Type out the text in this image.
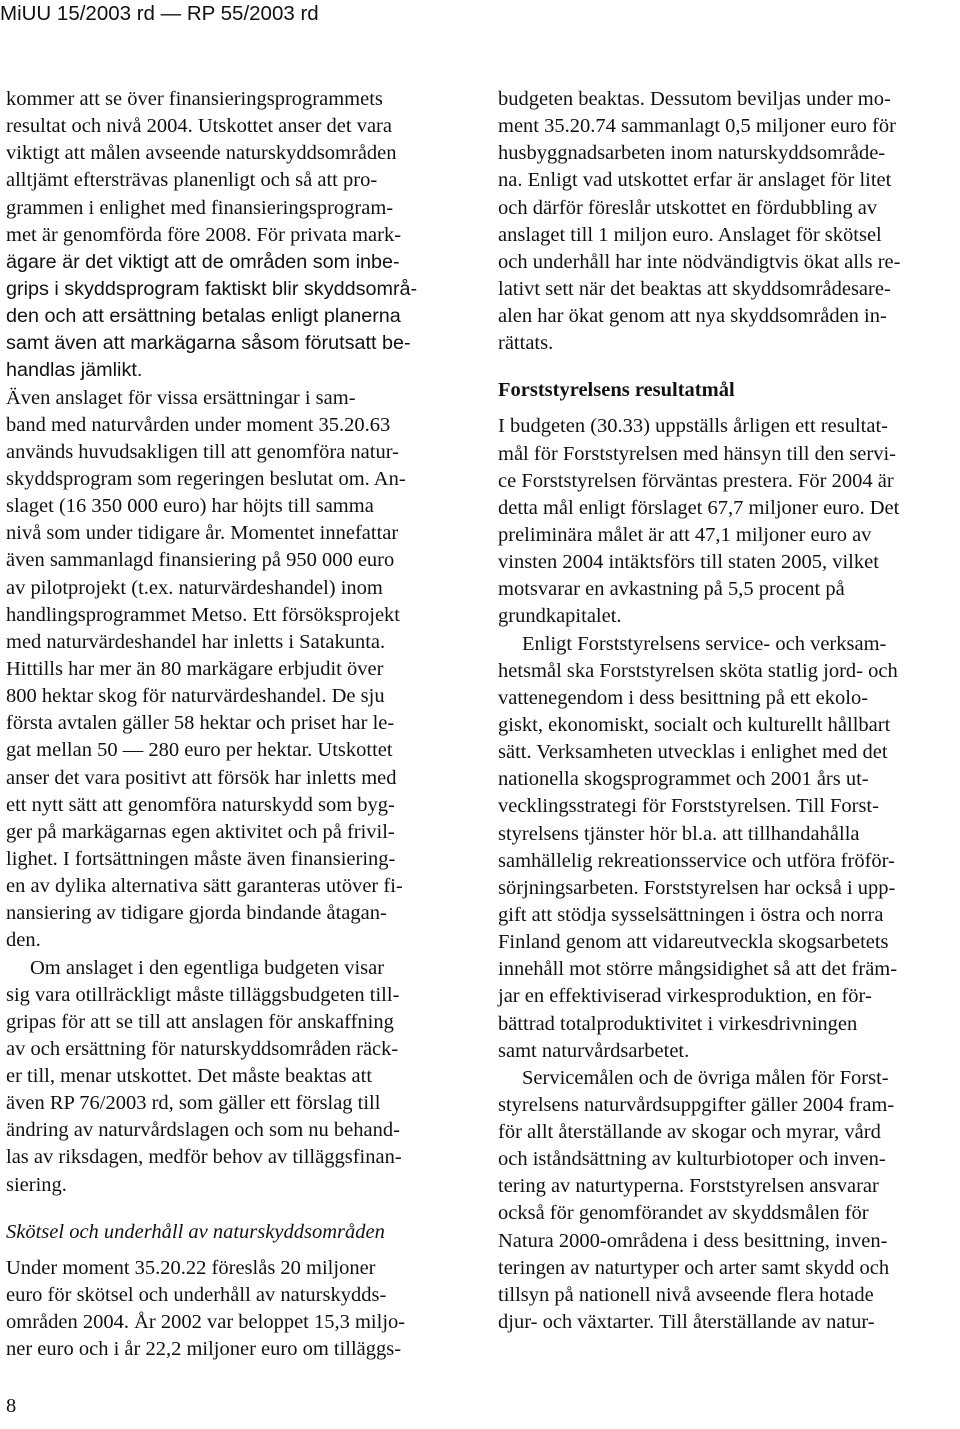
MiUU 15/2003 rd — RP 55/2003 rd
kommer att se över finansieringsprogrammets
resultat och nivå 2004. Utskottet anser det vara
viktigt att målen avseende naturskyddsområden
alltjämt eftersträvas planenligt och så att pro-
grammen i enlighet med finansieringsprogram-
met är genomförda före 2008. För privata mark-
ägare är det viktigt att de områden som inbe-
grips i skyddsprogram faktiskt blir skyddsområ-
den och att ersättning betalas enligt planerna
samt även att markägarna såsom förutsatt be-
handlas jämlikt.
Även anslaget för vissa ersättningar i sam-
band med naturvården under moment 35.20.63
används huvudsakligen till att genomföra natur-
skyddsprogram som regeringen beslutat om. An-
slaget (16 350 000 euro) har höjts till samma
nivå som under tidigare år. Momentet innefattar
även sammanlagd finansiering på 950 000 euro
av pilotprojekt (t.ex. naturvärdeshandel) inom
handlingsprogrammet Metso. Ett försöksprojekt
med naturvärdeshandel har inletts i Satakunta.
Hittills har mer än 80 markägare erbjudit över
800 hektar skog för naturvärdeshandel. De sju
första avtalen gäller 58 hektar och priset har le-
gat mellan 50 — 280 euro per hektar. Utskottet
anser det vara positivt att försök har inletts med
ett nytt sätt att genomföra naturskydd som byg-
ger på markägarnas egen aktivitet och på frivil-
lighet. I fortsättningen måste även finansiering-
en av dylika alternativa sätt garanteras utöver fi-
nansiering av tidigare gjorda bindande åtagan-
den.
Om anslaget i den egentliga budgeten visar
sig vara otillräckligt måste tilläggsbudgeten till-
gripas för att se till att anslagen för anskaffning
av och ersättning för naturskyddsområden räck-
er till, menar utskottet. Det måste beaktas att
även RP 76/2003 rd, som gäller ett förslag till
ändring av naturvårdslagen och som nu behand-
las av riksdagen, medför behov av tilläggsfinan-
siering.
Skötsel och underhåll av naturskyddsområden
Under moment 35.20.22 föreslås 20 miljoner
euro för skötsel och underhåll av naturskydds-
områden 2004. År 2002 var beloppet 15,3 miljo-
ner euro och i år 22,2 miljoner euro om tilläggs-
budgeten beaktas. Dessutom beviljas under mo-
ment 35.20.74 sammanlagt 0,5 miljoner euro för
husbyggnadsarbeten inom naturskyddsområde-
na. Enligt vad utskottet erfar är anslaget för litet
och därför föreslår utskottet en fördubbling av
anslaget till 1 miljon euro. Anslaget för skötsel
och underhåll har inte nödvändigtvis ökat alls re-
lativt sett när det beaktas att skyddsområdesare-
alen har ökat genom att nya skyddsområden in-
rättats.
Forststyrelsens resultatmål
I budgeten (30.33) uppställs årligen ett resultat-
mål för Forststyrelsen med hänsyn till den servi-
ce Forststyrelsen förväntas prestera. För 2004 är
detta mål enligt förslaget 67,7 miljoner euro. Det
preliminära målet är att 47,1 miljoner euro av
vinsten 2004 intäktsförs till staten 2005, vilket
motsvarar en avkastning på 5,5 procent på
grundkapitalet.
Enligt Forststyrelsens service- och verksam-
hetsmål ska Forststyrelsen sköta statlig jord- och
vattenegendom i dess besittning på ett ekolo-
giskt, ekonomiskt, socialt och kulturellt hållbart
sätt. Verksamheten utvecklas i enlighet med det
nationella skogsprogrammet och 2001 års ut-
vecklingsstrategi för Forststyrelsen. Till Forst-
styrelsens tjänster hör bl.a. att tillhandahålla
samhällelig rekreationsservice och utföra fröför-
sörjningsarbeten. Forststyrelsen har också i upp-
gift att stödja sysselsättningen i östra och norra
Finland genom att vidareutveckla skogsarbetets
innehåll mot större mångsidighet så att det främ-
jar en effektiviserad virkesproduktion, en för-
bättrad totalproduktivitet i virkesdrivningen
samt naturvårdsarbetet.
Servicemålen och de övriga målen för Forst-
styrelsens naturvårdsuppgifter gäller 2004 fram-
för allt återställande av skogar och myrar, vård
och iståndsättning av kulturbiotoper och inven-
tering av naturtyperna. Forststyrelsen ansvarar
också för genomförandet av skyddsmålen för
Natura 2000-områdena i dess besittning, inven-
teringen av naturtyper och arter samt skydd och
tillsyn på nationell nivå avseende flera hotade
djur- och växtarter. Till återställande av natur-
8
